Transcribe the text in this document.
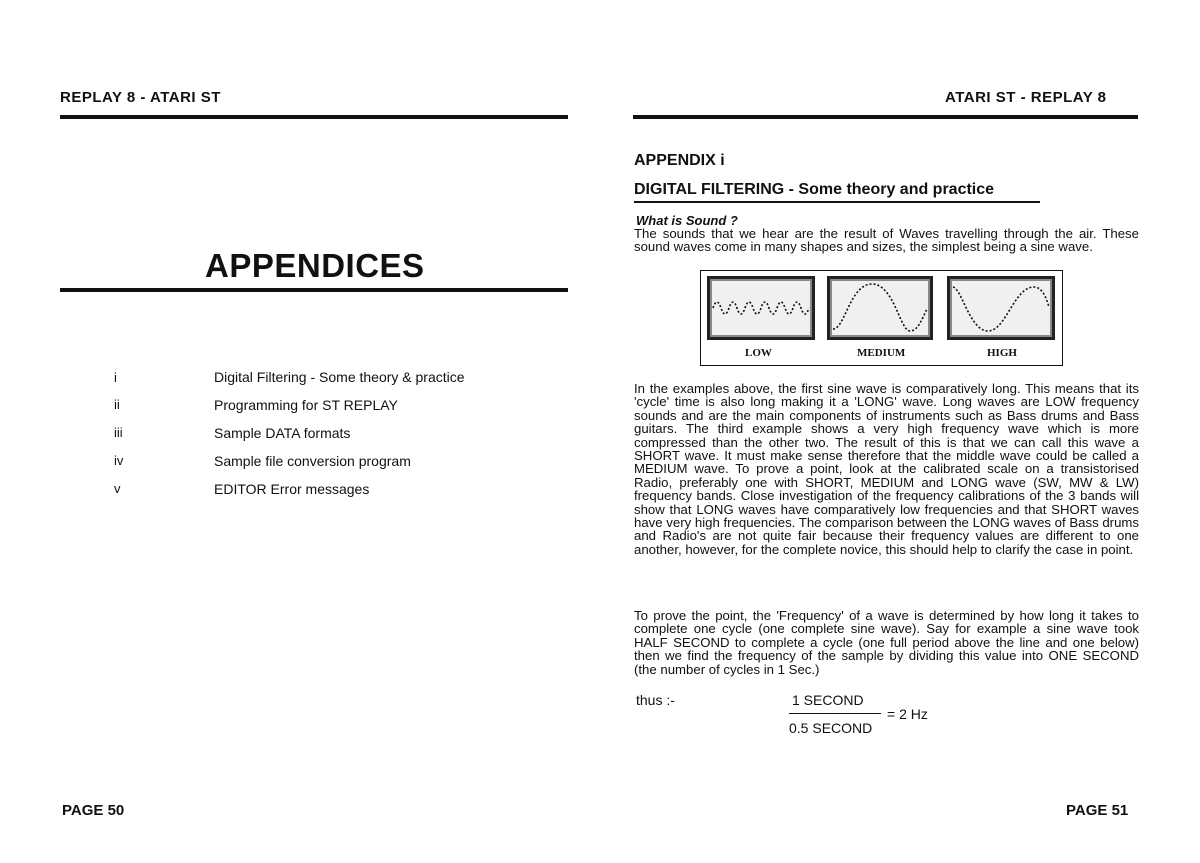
REPLAY 8 - ATARI ST
APPENDICES
i	Digital Filtering - Some theory & practice
ii	Programming for ST REPLAY
iii	Sample DATA formats
iv	Sample file conversion program
v	EDITOR Error messages
PAGE 50
ATARI ST - REPLAY 8
APPENDIX i
DIGITAL FILTERING - Some theory and practice
What is Sound ?
The sounds that we hear are the result of Waves travelling through the air. These sound waves come in many shapes and sizes, the simplest being a sine wave.
LOW	MEDIUM	HIGH
In the examples above, the first sine wave is comparatively long. This means that its 'cycle' time is also long making it a 'LONG' wave. Long waves are LOW frequency sounds and are the main components of instruments such as Bass drums and Bass guitars. The third example shows a very high frequency wave which is more compressed than the other two. The result of this is that we can call this wave a SHORT wave. It must make sense therefore that the middle wave could be called a MEDIUM wave. To prove a point, look at the calibrated scale on a transistorised Radio, preferably one with SHORT, MEDIUM and LONG wave (SW, MW & LW) frequency bands. Close investigation of the frequency calibrations of the 3 bands will show that LONG waves have comparatively low frequencies and that SHORT waves have very high frequencies. The comparison between the LONG waves of Bass drums and Radio's are not quite fair because their frequency values are different to one another, however, for the complete novice, this should help to clarify the case in point.
To prove the point, the 'Frequency' of a wave is determined by how long it takes to complete one cycle (one complete sine wave). Say for example a sine wave took HALF SECOND to complete a cycle (one full period above the line and one below) then we find the frequency of the sample by dividing this value into ONE SECOND (the number of cycles in 1 Sec.)
thus :-	1 SECOND
= 2 Hz
0.5 SECOND
PAGE 51
